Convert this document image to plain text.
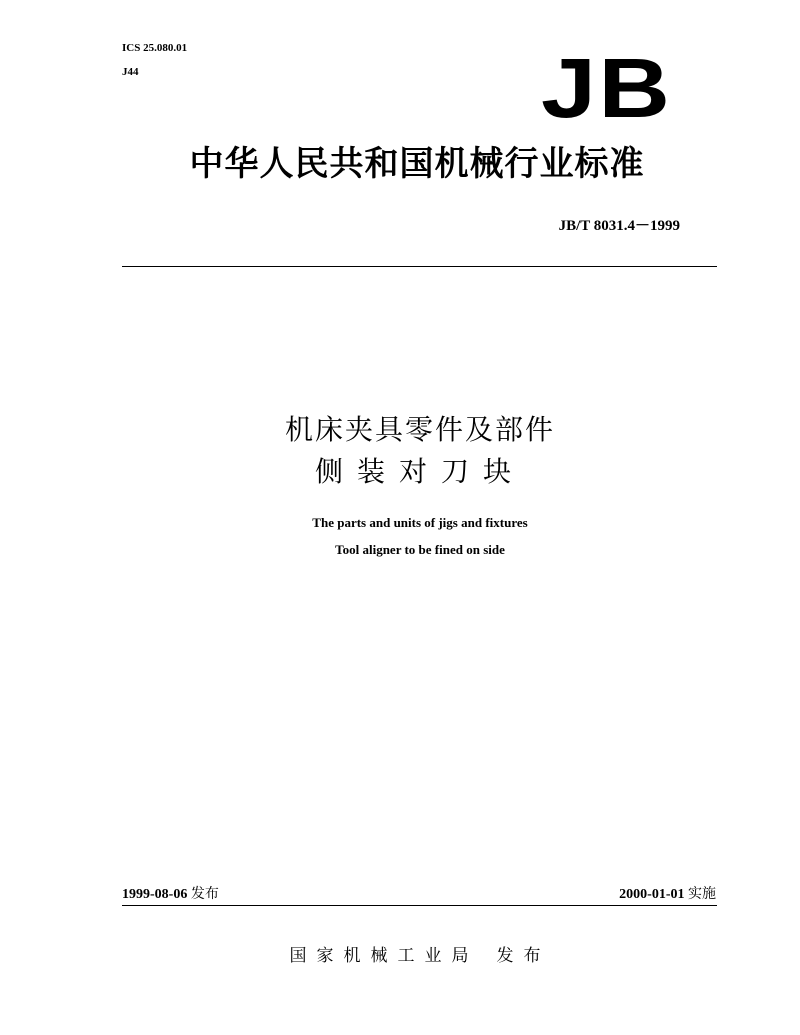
ICS 25.080.01
J44	JB
中华人民共和国机械行业标准
JB/T 8031.4－1999
机床夹具零件及部件
侧装对刀块
The parts and units of jigs and fixtures
Tool aligner to be fined on side
1999-08-06 发布	2000-01-01 实施
国家机械工业局 发布
